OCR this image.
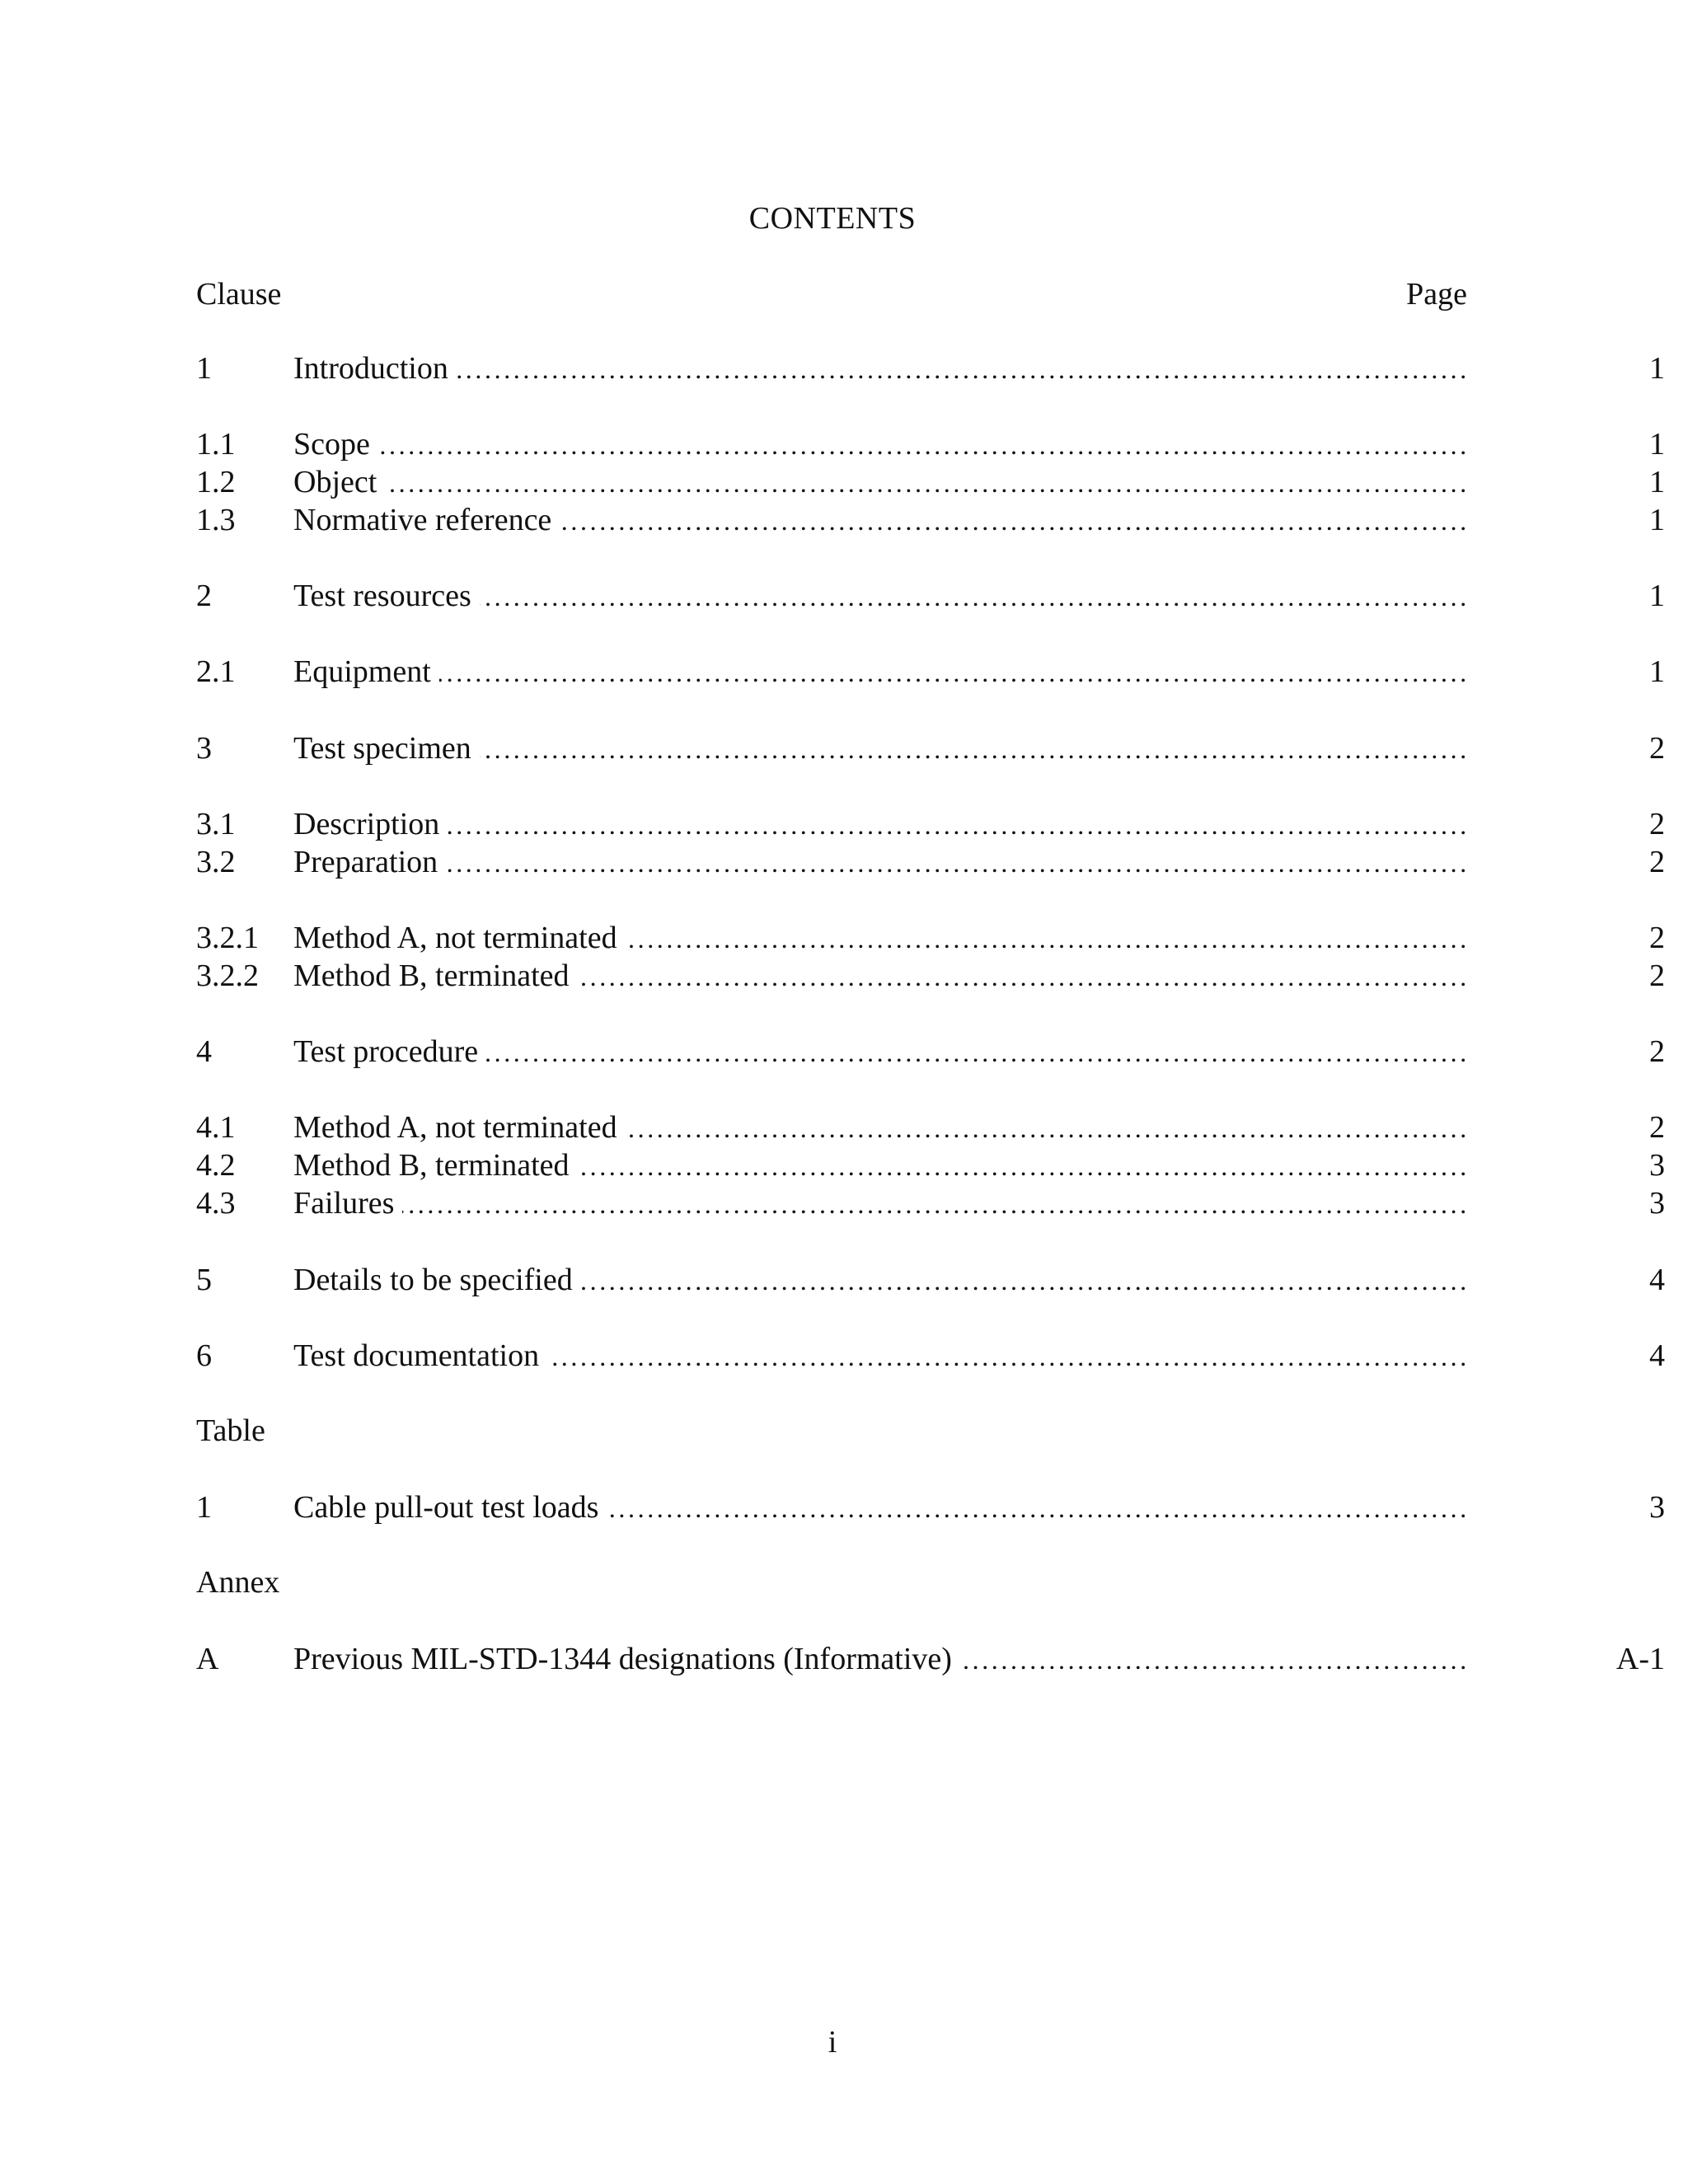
CONTENTS
Clause	Page
1 . . .	Introduction	1
1.1 . . . Scope	1
1.2 . . . Object	1
1.3 . . . Normative reference	1
2 . . .	Test resources	1
2.1 . . . Equipment	1
3 . . .	Test specimen	2
3.1 . . . Description	2
3.2 . . . Preparation	2
3.2.1 . . . Method A, not terminated	2
3.2.2 . . . Method B, terminated	2
4 . . .	Test procedure	2
4.1 . . . Method A, not terminated	2
4.2 . . . Method B, terminated	3
4.3 . . . Failures	3
5 . . .	Details to be specified	4
6 . . .	Test documentation	4
Table
1 . . .	Cable pull-out test loads	3
Annex
A . . . Previous MIL-STD-1344 designations (Informative)	A-1
i
